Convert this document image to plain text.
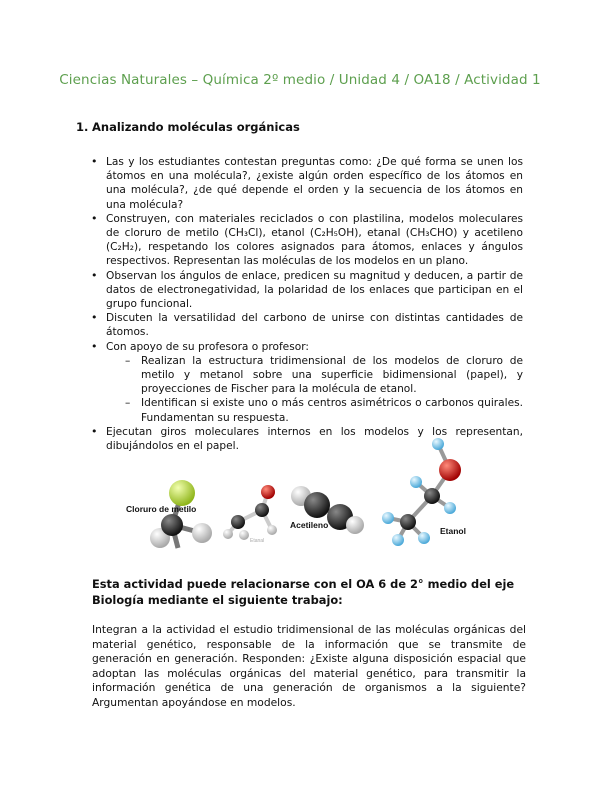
Ciencias Naturales – Química 2º medio / Unidad 4 / OA18 / Actividad 1
1. Analizando moléculas orgánicas
• Las y los estudiantes contestan preguntas como: ¿De qué forma se unen los átomos en una molécula?, ¿existe algún orden específico de los átomos en una molécula?, ¿de qué depende el orden y la secuencia de los átomos en una molécula?
• Construyen, con materiales reciclados o con plastilina, modelos moleculares de cloruro de metilo (CH₃Cl), etanol (C₂H₅OH), etanal (CH₃CHO) y acetileno (C₂H₂), respetando los colores asignados para átomos, enlaces y ángulos respectivos. Representan las moléculas de los modelos en un plano.
• Observan los ángulos de enlace, predicen su magnitud y deducen, a partir de datos de electronegatividad, la polaridad de los enlaces que participan en el grupo funcional.
• Discuten la versatilidad del carbono de unirse con distintas cantidades de átomos.
• Con apoyo de su profesora o profesor:
– Realizan la estructura tridimensional de los modelos de cloruro de metilo y metanol sobre una superficie bidimensional (papel), y proyecciones de Fischer para la molécula de etanol.
– Identifican si existe uno o más centros asimétricos o carbonos quirales. Fundamentan su respuesta.
• Ejecutan giros moleculares internos en los modelos y los representan, dibujándolos en el papel.
Cloruro de metilo
Etanal
Acetileno
Etanol
Esta actividad puede relacionarse con el OA 6 de 2° medio del eje Biología mediante el siguiente trabajo:

Integran a la actividad el estudio tridimensional de las moléculas orgánicas del material genético, responsable de la información que se transmite de generación en generación. Responden: ¿Existe alguna disposición espacial que adoptan las moléculas orgánicas del material genético, para transmitir la información genética de una generación de organismos a la siguiente? Argumentan apoyándose en modelos.
